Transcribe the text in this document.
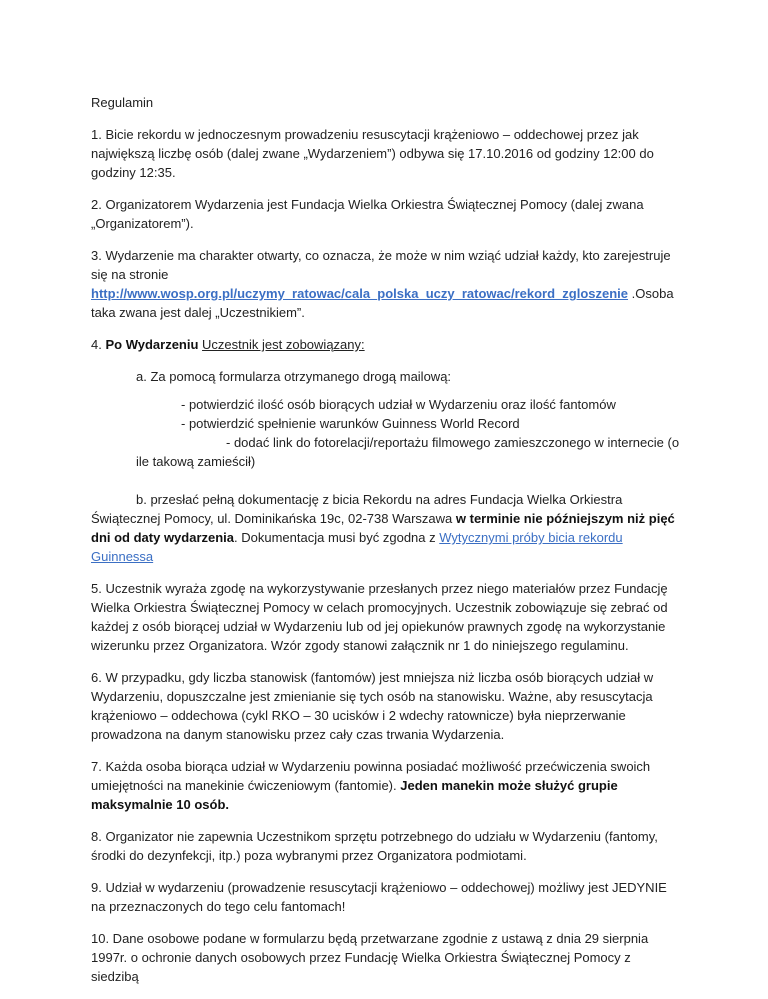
Regulamin

1. Bicie rekordu w jednoczesnym prowadzeniu resuscytacji krążeniowo – oddechowej przez jak największą liczbę osób (dalej zwane „Wydarzeniem”) odbywa się 17.10.2016 od godziny 12:00 do godziny 12:35.

2. Organizatorem Wydarzenia jest Fundacja Wielka Orkiestra Świątecznej Pomocy (dalej zwana „Organizatorem”).

3. Wydarzenie ma charakter otwarty, co oznacza, że może w nim wziąć udział każdy, kto zarejestruje się na stronie http://www.wosp.org.pl/uczymy_ratowac/cala_polska_uczy_ratowac/rekord_zgloszenie .Osoba taka zwana jest dalej „Uczestnikiem”.

4. Po Wydarzeniu Uczestnik jest zobowiązany:

a. Za pomocą formularza otrzymanego drogą mailową:

- potwierdzić ilość osób biorących udział w Wydarzeniu oraz ilość fantomów

- potwierdzić spełnienie warunków Guinness World Record

- dodać link do fotorelacji/reportażu filmowego zamieszczonego w internecie (o ile takową zamieścił)

b. przesłać pełną dokumentację z bicia Rekordu na adres Fundacja Wielka Orkiestra Świątecznej Pomocy, ul. Dominikańska 19c, 02-738 Warszawa w terminie nie późniejszym niż pięć dni od daty wydarzenia. Dokumentacja musi być zgodna z Wytycznymi próby bicia rekordu Guinnessa

5. Uczestnik wyraża zgodę na wykorzystywanie przesłanych przez niego materiałów przez Fundację Wielka Orkiestra Świątecznej Pomocy w celach promocyjnych. Uczestnik zobowiązuje się zebrać od każdej z osób biorącej udział w Wydarzeniu lub od jej opiekunów prawnych zgodę na wykorzystanie wizerunku przez Organizatora. Wzór zgody stanowi załącznik nr 1 do niniejszego regulaminu.

6. W przypadku, gdy liczba stanowisk (fantomów) jest mniejsza niż liczba osób biorących udział w Wydarzeniu, dopuszczalne jest zmienianie się tych osób na stanowisku. Ważne, aby resuscytacja krążeniowo – oddechowa (cykl RKO – 30 ucisków i 2 wdechy ratownicze) była nieprzerwanie prowadzona na danym stanowisku przez cały czas trwania Wydarzenia.

7. Każda osoba biorąca udział w Wydarzeniu powinna posiadać możliwość przećwiczenia swoich umiejętności na manekinie ćwiczeniowym (fantomie). Jeden manekin może służyć grupie maksymalnie 10 osób.

8. Organizator nie zapewnia Uczestnikom sprzętu potrzebnego do udziału w Wydarzeniu (fantomy, środki do dezynfekcji, itp.) poza wybranymi przez Organizatora podmiotami.

9. Udział w wydarzeniu (prowadzenie resuscytacji krążeniowo – oddechowej) możliwy jest JEDYNIE na przeznaczonych do tego celu fantomach!

10. Dane osobowe podane w formularzu będą przetwarzane zgodnie z ustawą z dnia 29 sierpnia 1997r. o ochronie danych osobowych przez Fundację Wielka Orkiestra Świątecznej Pomocy z siedzibą
